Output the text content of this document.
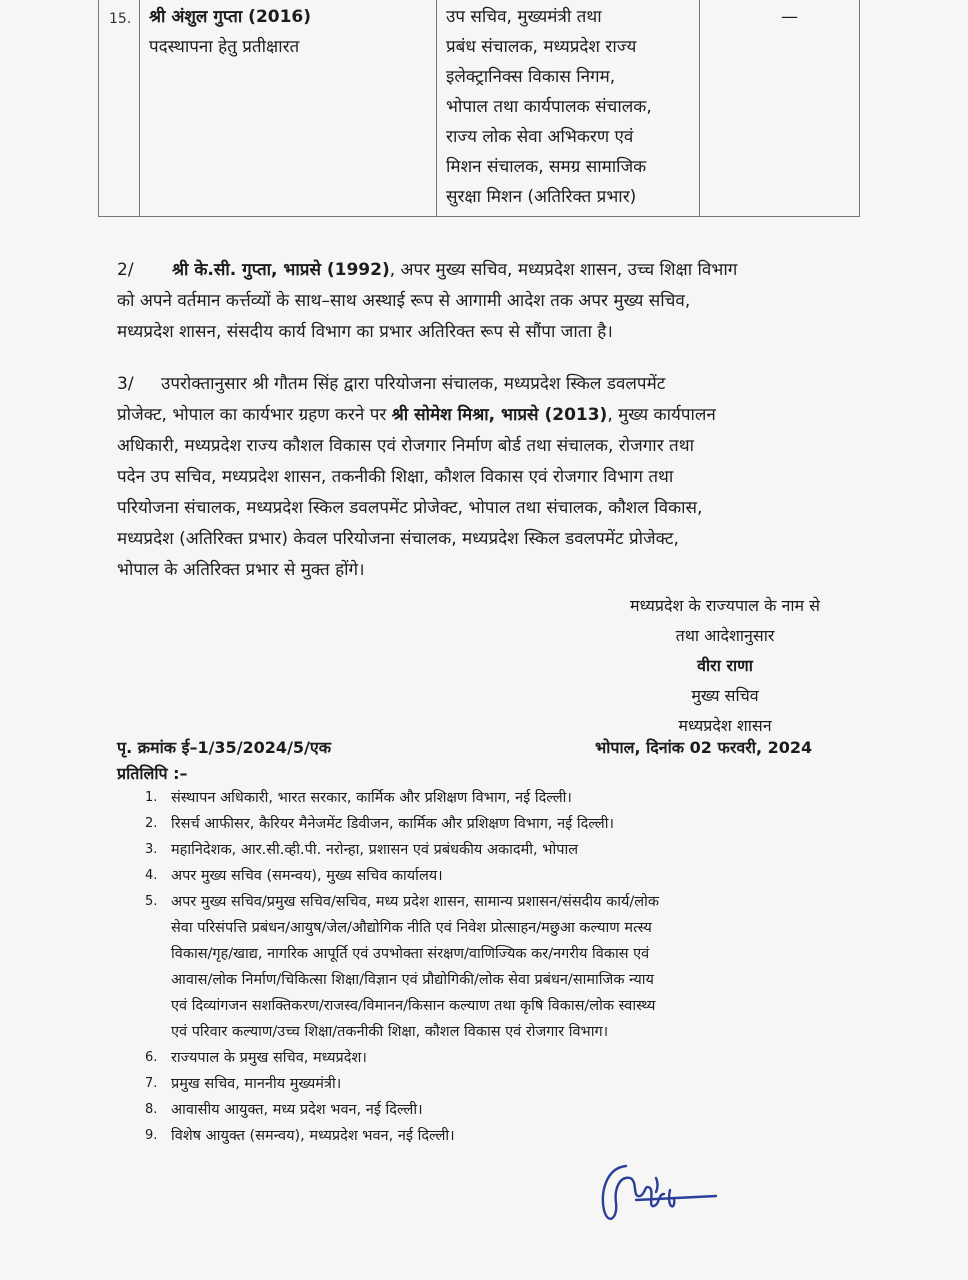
15. श्री अंशुल गुप्ता (2016)
पदस्थापना हेतु प्रतीक्षारत
उप सचिव, मुख्यमंत्री तथा
प्रबंध संचालक, मध्यप्रदेश राज्य
इलेक्ट्रानिक्स विकास निगम,
भोपाल तथा कार्यपालक संचालक,
राज्य लोक सेवा अभिकरण एवं
मिशन संचालक, समग्र सामाजिक
सुरक्षा मिशन (अतिरिक्त प्रभार)
—
2/ श्री के.सी. गुप्ता, भाप्रसे (1992), अपर मुख्य सचिव, मध्यप्रदेश शासन, उच्च शिक्षा विभाग
को अपने वर्तमान कर्त्तव्यों के साथ–साथ अस्थाई रूप से आगामी आदेश तक अपर मुख्य सचिव,
मध्यप्रदेश शासन, संसदीय कार्य विभाग का प्रभार अतिरिक्त रूप से सौंपा जाता है।
3/ उपरोक्तानुसार श्री गौतम सिंह द्वारा परियोजना संचालक, मध्यप्रदेश स्किल डवलपमेंट
प्रोजेक्ट, भोपाल का कार्यभार ग्रहण करने पर श्री सोमेश मिश्रा, भाप्रसे (2013), मुख्य कार्यपालन
अधिकारी, मध्यप्रदेश राज्य कौशल विकास एवं रोजगार निर्माण बोर्ड तथा संचालक, रोजगार तथा
पदेन उप सचिव, मध्यप्रदेश शासन, तकनीकी शिक्षा, कौशल विकास एवं रोजगार विभाग तथा
परियोजना संचालक, मध्यप्रदेश स्किल डवलपमेंट प्रोजेक्ट, भोपाल तथा संचालक, कौशल विकास,
मध्यप्रदेश (अतिरिक्त प्रभार) केवल परियोजना संचालक, मध्यप्रदेश स्किल डवलपमेंट प्रोजेक्ट,
भोपाल के अतिरिक्त प्रभार से मुक्त होंगे।
मध्यप्रदेश के राज्यपाल के नाम से
तथा आदेशानुसार
वीरा राणा
मुख्य सचिव
मध्यप्रदेश शासन
पृ. क्रमांक ई–1/35/2024/5/एक	भोपाल, दिनांक 02 फरवरी, 2024
प्रतिलिपि :–
1. संस्थापन अधिकारी, भारत सरकार, कार्मिक और प्रशिक्षण विभाग, नई दिल्ली।
2. रिसर्च आफीसर, कैरियर मैनेजमेंट डिवीजन, कार्मिक और प्रशिक्षण विभाग, नई दिल्ली।
3. महानिदेशक, आर.सी.व्ही.पी. नरोन्हा, प्रशासन एवं प्रबंधकीय अकादमी, भोपाल
4. अपर मुख्य सचिव (समन्वय), मुख्य सचिव कार्यालय।
5. अपर मुख्य सचिव/प्रमुख सचिव/सचिव, मध्य प्रदेश शासन, सामान्य प्रशासन/संसदीय कार्य/लोक
सेवा परिसंपत्ति प्रबंधन/आयुष/जेल/औद्योगिक नीति एवं निवेश प्रोत्साहन/मछुआ कल्याण मत्स्य
विकास/गृह/खाद्य, नागरिक आपूर्ति एवं उपभोक्ता संरक्षण/वाणिज्यिक कर/नगरीय विकास एवं
आवास/लोक निर्माण/चिकित्सा शिक्षा/विज्ञान एवं प्रौद्योगिकी/लोक सेवा प्रबंधन/सामाजिक न्याय
एवं दिव्यांगजन सशक्तिकरण/राजस्व/विमानन/किसान कल्याण तथा कृषि विकास/लोक स्वास्थ्य
एवं परिवार कल्याण/उच्च शिक्षा/तकनीकी शिक्षा, कौशल विकास एवं रोजगार विभाग।
6. राज्यपाल के प्रमुख सचिव, मध्यप्रदेश।
7. प्रमुख सचिव, माननीय मुख्यमंत्री।
8. आवासीय आयुक्त, मध्य प्रदेश भवन, नई दिल्ली।
9. विशेष आयुक्त (समन्वय), मध्यप्रदेश भवन, नई दिल्ली।
